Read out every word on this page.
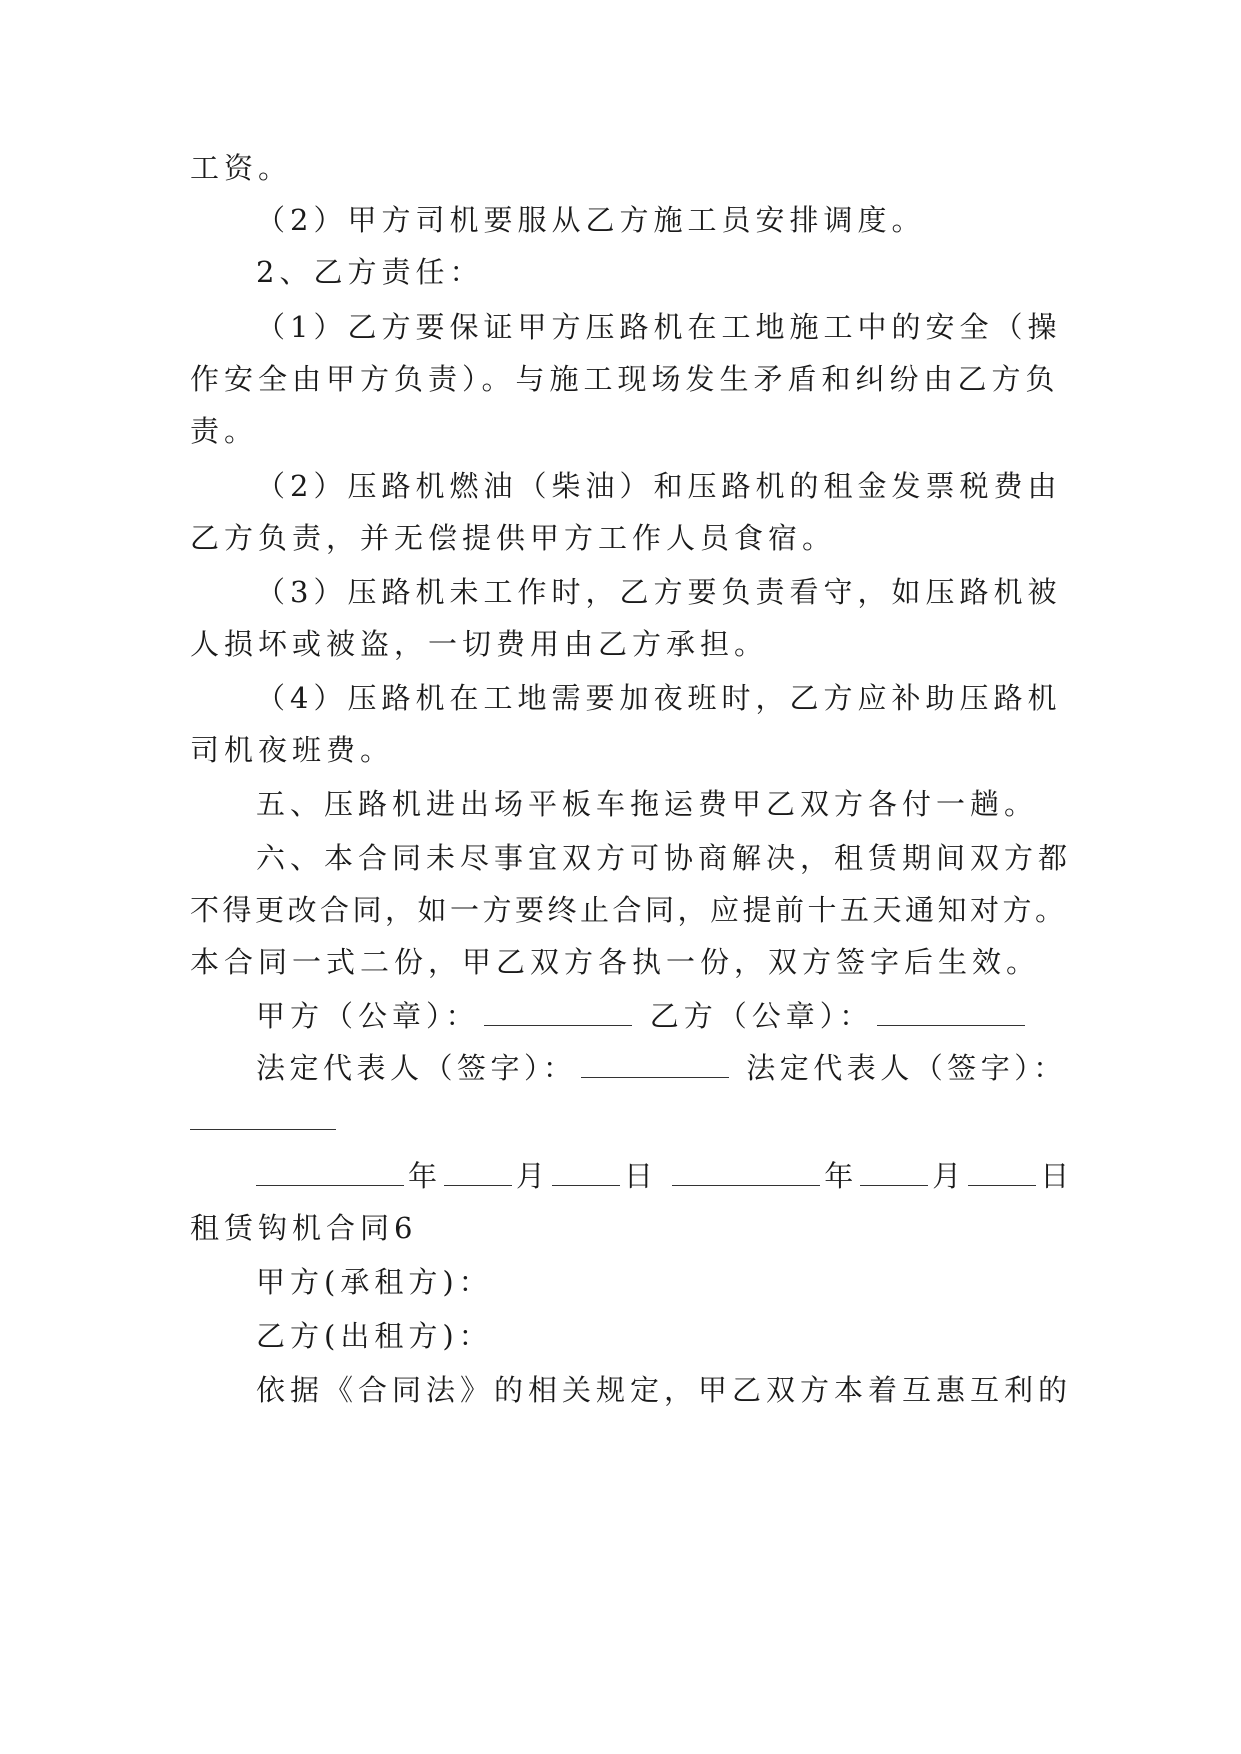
工资。
（2）甲方司机要服从乙方施工员安排调度。
2、乙方责任：
（1）乙方要保证甲方压路机在工地施工中的安全（操
作安全由甲方负责）。与施工现场发生矛盾和纠纷由乙方负
责。
（2）压路机燃油（柴油）和压路机的租金发票税费由
乙方负责，并无偿提供甲方工作人员食宿。
（3）压路机未工作时，乙方要负责看守，如压路机被
人损坏或被盗，一切费用由乙方承担。
（4）压路机在工地需要加夜班时，乙方应补助压路机
司机夜班费。
五、压路机进出场平板车拖运费甲乙双方各付一趟。
六、本合同未尽事宜双方可协商解决，租赁期间双方都
不得更改合同，如一方要终止合同，应提前十五天通知对方。
本合同一式二份，甲乙双方各执一份，双方签字后生效。
甲方（公章）：	乙方（公章）：
法定代表人（签字）：	法定代表人（签字）：
年	月	日	年	月	日
租赁钩机合同6
甲方(承租方)：
乙方(出租方)：
依据《合同法》的相关规定，甲乙双方本着互惠互利的
